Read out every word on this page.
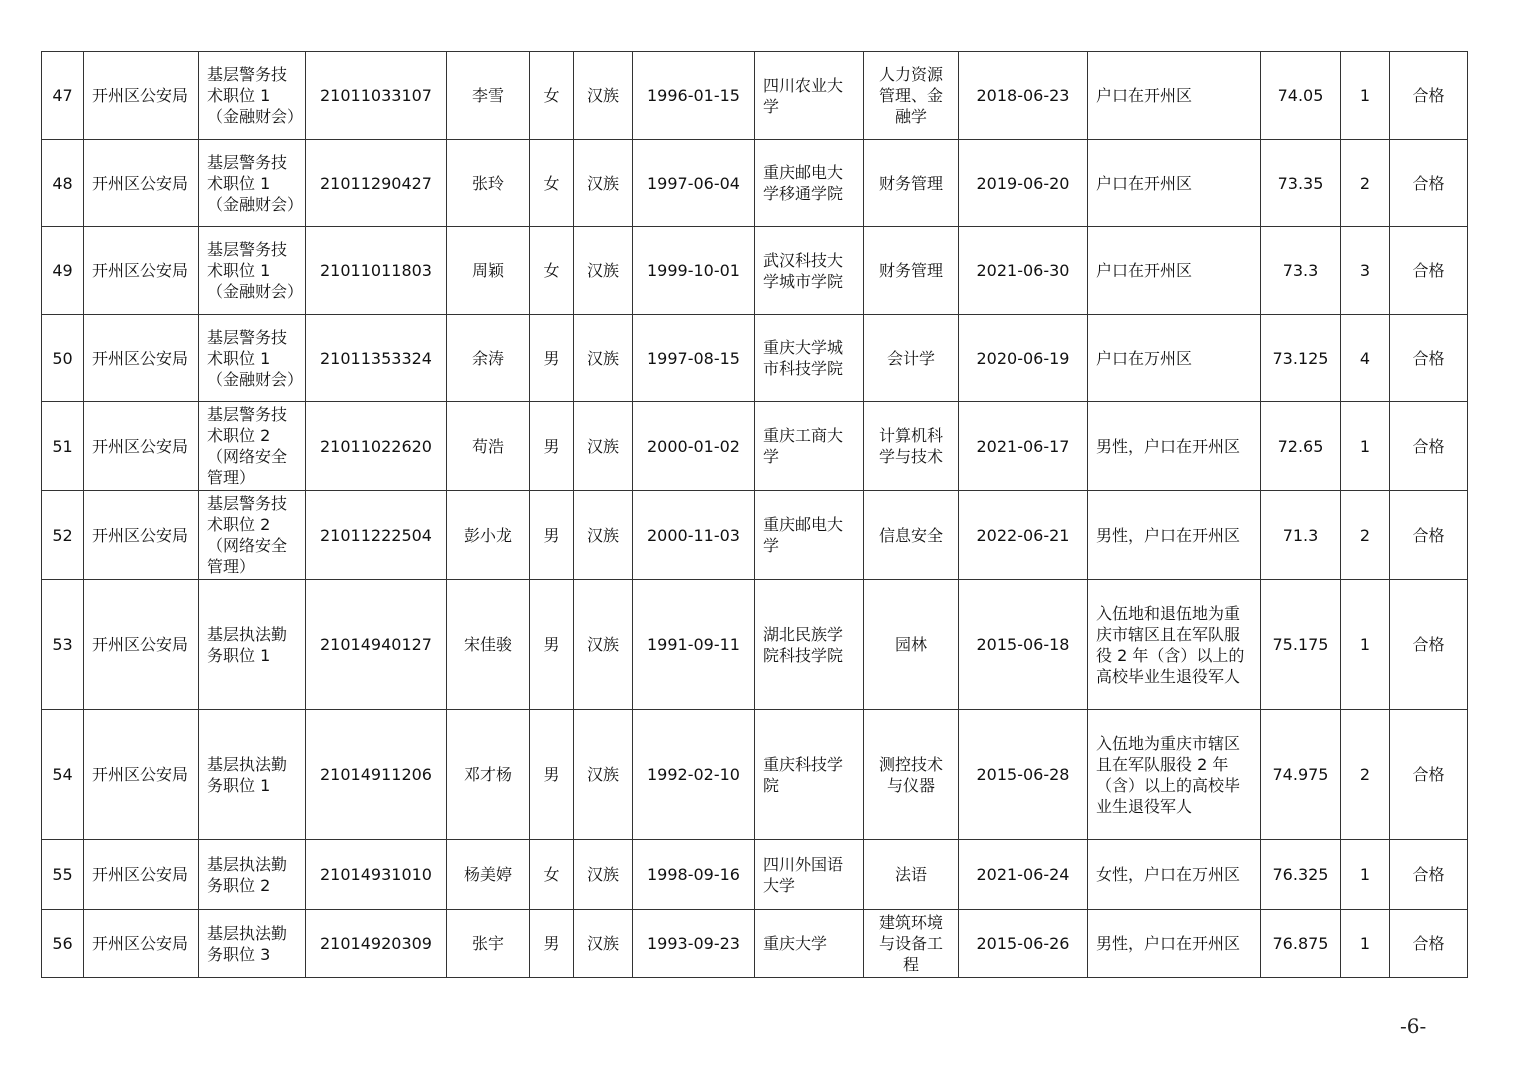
47	开州区公安局	基层警务技术职位 1（金融财会）	21011033107	李雪	女	汉族	1996-01-15	四川农业大学	人力资源管理、金融学	2018-06-23	户口在开州区	74.05	1	合格
48	开州区公安局	基层警务技术职位 1（金融财会）	21011290427	张玲	女	汉族	1997-06-04	重庆邮电大学移通学院	财务管理	2019-06-20	户口在开州区	73.35	2	合格
49	开州区公安局	基层警务技术职位 1（金融财会）	21011011803	周颖	女	汉族	1999-10-01	武汉科技大学城市学院	财务管理	2021-06-30	户口在开州区	73.3	3	合格
50	开州区公安局	基层警务技术职位 1（金融财会）	21011353324	余涛	男	汉族	1997-08-15	重庆大学城市科技学院	会计学	2020-06-19	户口在万州区	73.125	4	合格
51	开州区公安局	基层警务技术职位 2（网络安全管理）	21011022620	苟浩	男	汉族	2000-01-02	重庆工商大学	计算机科学与技术	2021-06-17	男性，户口在开州区	72.65	1	合格
52	开州区公安局	基层警务技术职位 2（网络安全管理）	21011222504	彭小龙	男	汉族	2000-11-03	重庆邮电大学	信息安全	2022-06-21	男性，户口在开州区	71.3	2	合格
53	开州区公安局	基层执法勤务职位 1	21014940127	宋佳骏	男	汉族	1991-09-11	湖北民族学院科技学院	园林	2015-06-18	入伍地和退伍地为重庆市辖区且在军队服役 2 年（含）以上的高校毕业生退役军人	75.175	1	合格
54	开州区公安局	基层执法勤务职位 1	21014911206	邓才杨	男	汉族	1992-02-10	重庆科技学院	测控技术与仪器	2015-06-28	入伍地为重庆市辖区且在军队服役 2 年（含）以上的高校毕业生退役军人	74.975	2	合格
55	开州区公安局	基层执法勤务职位 2	21014931010	杨美婷	女	汉族	1998-09-16	四川外国语大学	法语	2021-06-24	女性，户口在万州区	76.325	1	合格
56	开州区公安局	基层执法勤务职位 3	21014920309	张宇	男	汉族	1993-09-23	重庆大学	建筑环境与设备工程	2015-06-26	男性，户口在开州区	76.875	1	合格
-6-
